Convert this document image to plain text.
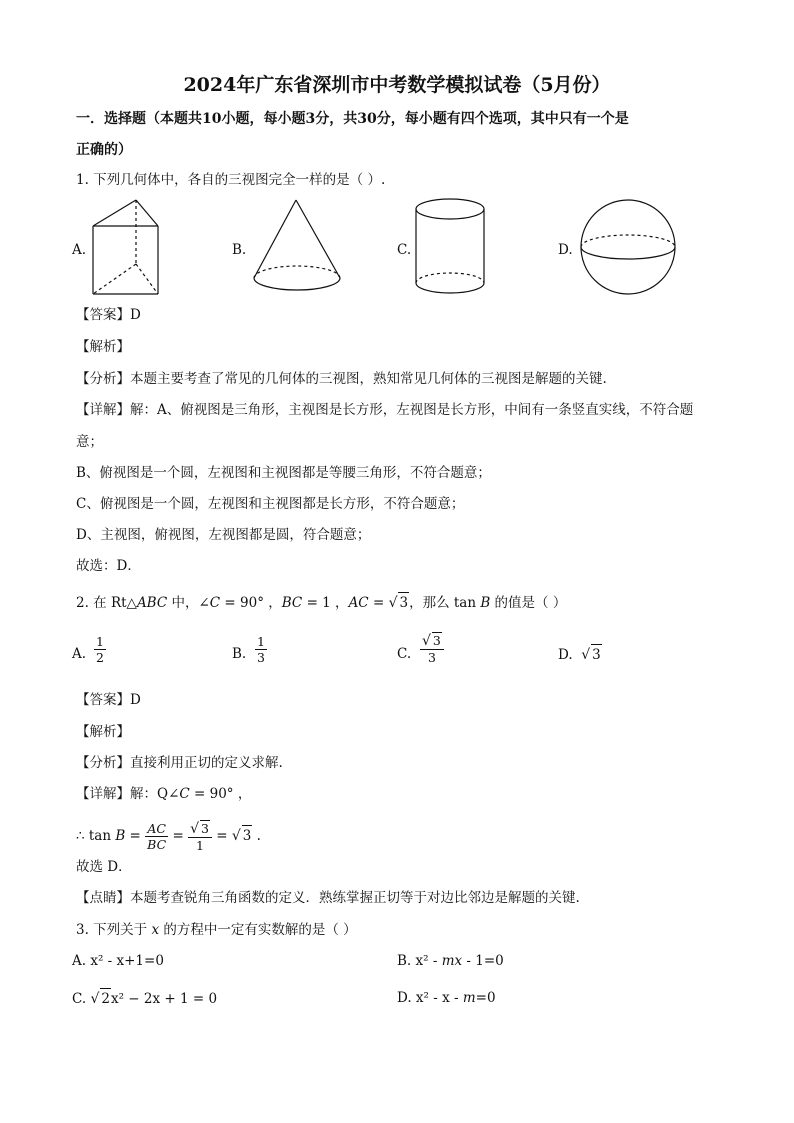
2024年广东省深圳市中考数学模拟试卷（5月份）
一．选择题（本题共10小题，每小题3分，共30分，每小题有四个选项，其中只有一个是
正确的）
1. 下列几何体中，各自的三视图完全一样的是（ ）.
A.	B.	C.	D.
【答案】D
【解析】
【分析】本题主要考查了常见的几何体的三视图，熟知常见几何体的三视图是解题的关键.
【详解】解：A、俯视图是三角形，主视图是长方形，左视图是长方形，中间有一条竖直实线，不符合题
意；
B、俯视图是一个圆，左视图和主视图都是等腰三角形，不符合题意；
C、俯视图是一个圆，左视图和主视图都是长方形，不符合题意；
D、主视图，俯视图，左视图都是圆，符合题意；
故选：D．
2. 在 Rt△ABC 中，∠C = 90° ，BC = 1 ，AC = √ 3，那么 tan B 的值是（ ）
A. $\frac{1}{2}$	B. $\frac{1}{3}$	C. $\frac{√ 3}{3}$	D. √ 3
【答案】D
【解析】
【分析】直接利用正切的定义求解.
【详解】解：Q∠C = 90° ，
∴ $\tan B = \frac{AC}{BC} = \frac{√ 3}{1}$ = √ 3 .
故选 D．
【点睛】本题考查锐角三角函数的定义．熟练掌握正切等于对边比邻边是解题的关键.
3. 下列关于 x 的方程中一定有实数解的是（ ）
A. x² - x+1=0	B. x² - mx - 1=0
C. √ 2x² − 2x + 1 = 0	D. x² - x - m=0
